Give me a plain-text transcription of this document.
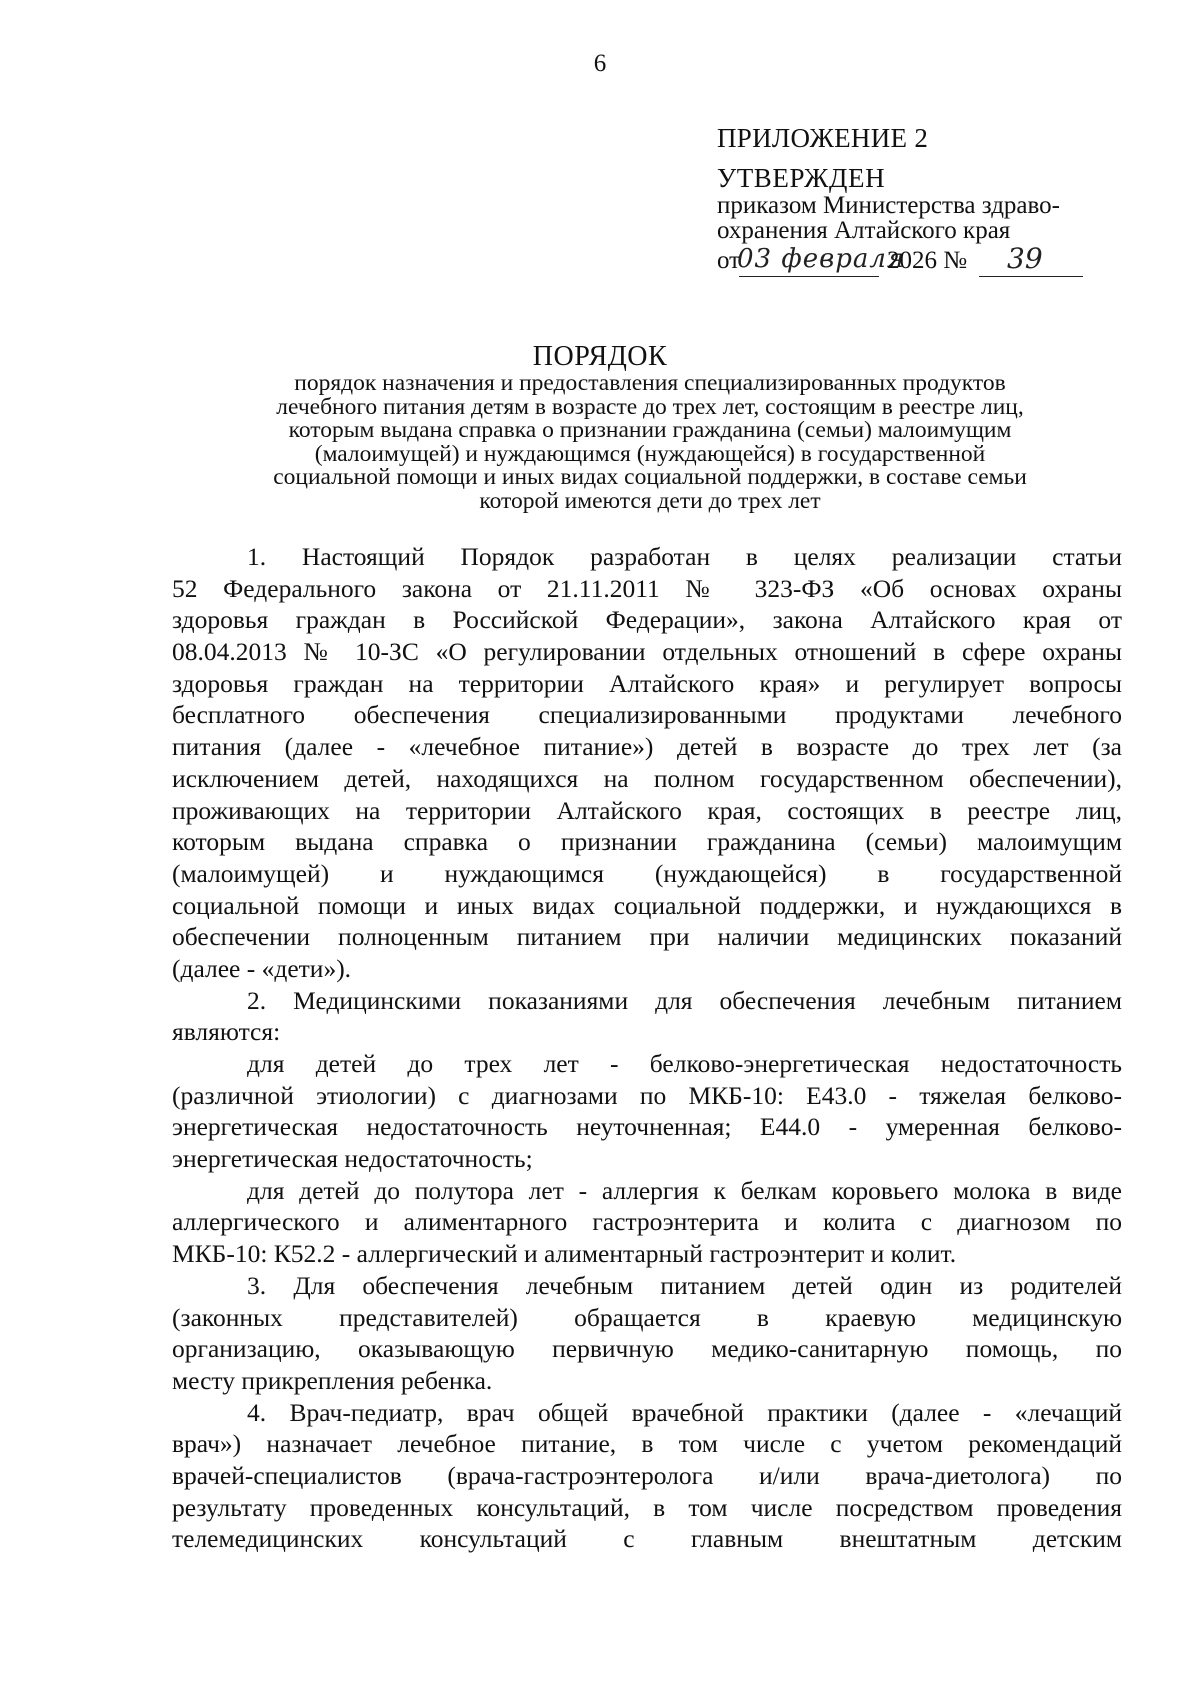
6
ПРИЛОЖЕНИЕ 2
УТВЕРЖДЕН
приказом Министерства здраво-
охранения Алтайского края
от
03 февраля
2026 № 39
ПОРЯДОК
порядок назначения и предоставления специализированных продуктов
лечебного питания детям в возрасте до трех лет, состоящим в реестре лиц,
которым выдана справка о признании гражданина (семьи) малоимущим
(малоимущей) и нуждающимся (нуждающейся) в государственной
социальной помощи и иных видах социальной поддержки, в составе семьи
которой имеются дети до трех лет
1. Настоящий Порядок разработан в целях реализации статьи
52 Федерального закона от 21.11.2011 № 323-ФЗ «Об основах охраны
здоровья граждан в Российской Федерации», закона Алтайского края от
08.04.2013 № 10-ЗС «О регулировании отдельных отношений в сфере охраны
здоровья граждан на территории Алтайского края» и регулирует вопросы
бесплатного обеспечения специализированными продуктами лечебного
питания (далее - «лечебное питание») детей в возрасте до трех лет (за
исключением детей, находящихся на полном государственном обеспечении),
проживающих на территории Алтайского края, состоящих в реестре лиц,
которым выдана справка о признании гражданина (семьи) малоимущим
(малоимущей) и нуждающимся (нуждающейся) в государственной
социальной помощи и иных видах социальной поддержки, и нуждающихся в
обеспечении полноценным питанием при наличии медицинских показаний
(далее - «дети»).
2. Медицинскими показаниями для обеспечения лечебным питанием
являются:
для детей до трех лет - белково-энергетическая недостаточность
(различной этиологии) с диагнозами по МКБ-10: Е43.0 - тяжелая белково-
энергетическая недостаточность неуточненная; Е44.0 - умеренная белково-
энергетическая недостаточность;
для детей до полутора лет - аллергия к белкам коровьего молока в виде
аллергического и алиментарного гастроэнтерита и колита с диагнозом по
МКБ-10: К52.2 - аллергический и алиментарный гастроэнтерит и колит.
3. Для обеспечения лечебным питанием детей один из родителей
(законных представителей) обращается в краевую медицинскую
организацию, оказывающую первичную медико-санитарную помощь, по
месту прикрепления ребенка.
4. Врач-педиатр, врач общей врачебной практики (далее - «лечащий
врач») назначает лечебное питание, в том числе с учетом рекомендаций
врачей-специалистов (врача-гастроэнтеролога и/или врача-диетолога) по
результату проведенных консультаций, в том числе посредством проведения
телемедицинских консультаций с главным внештатным детским
